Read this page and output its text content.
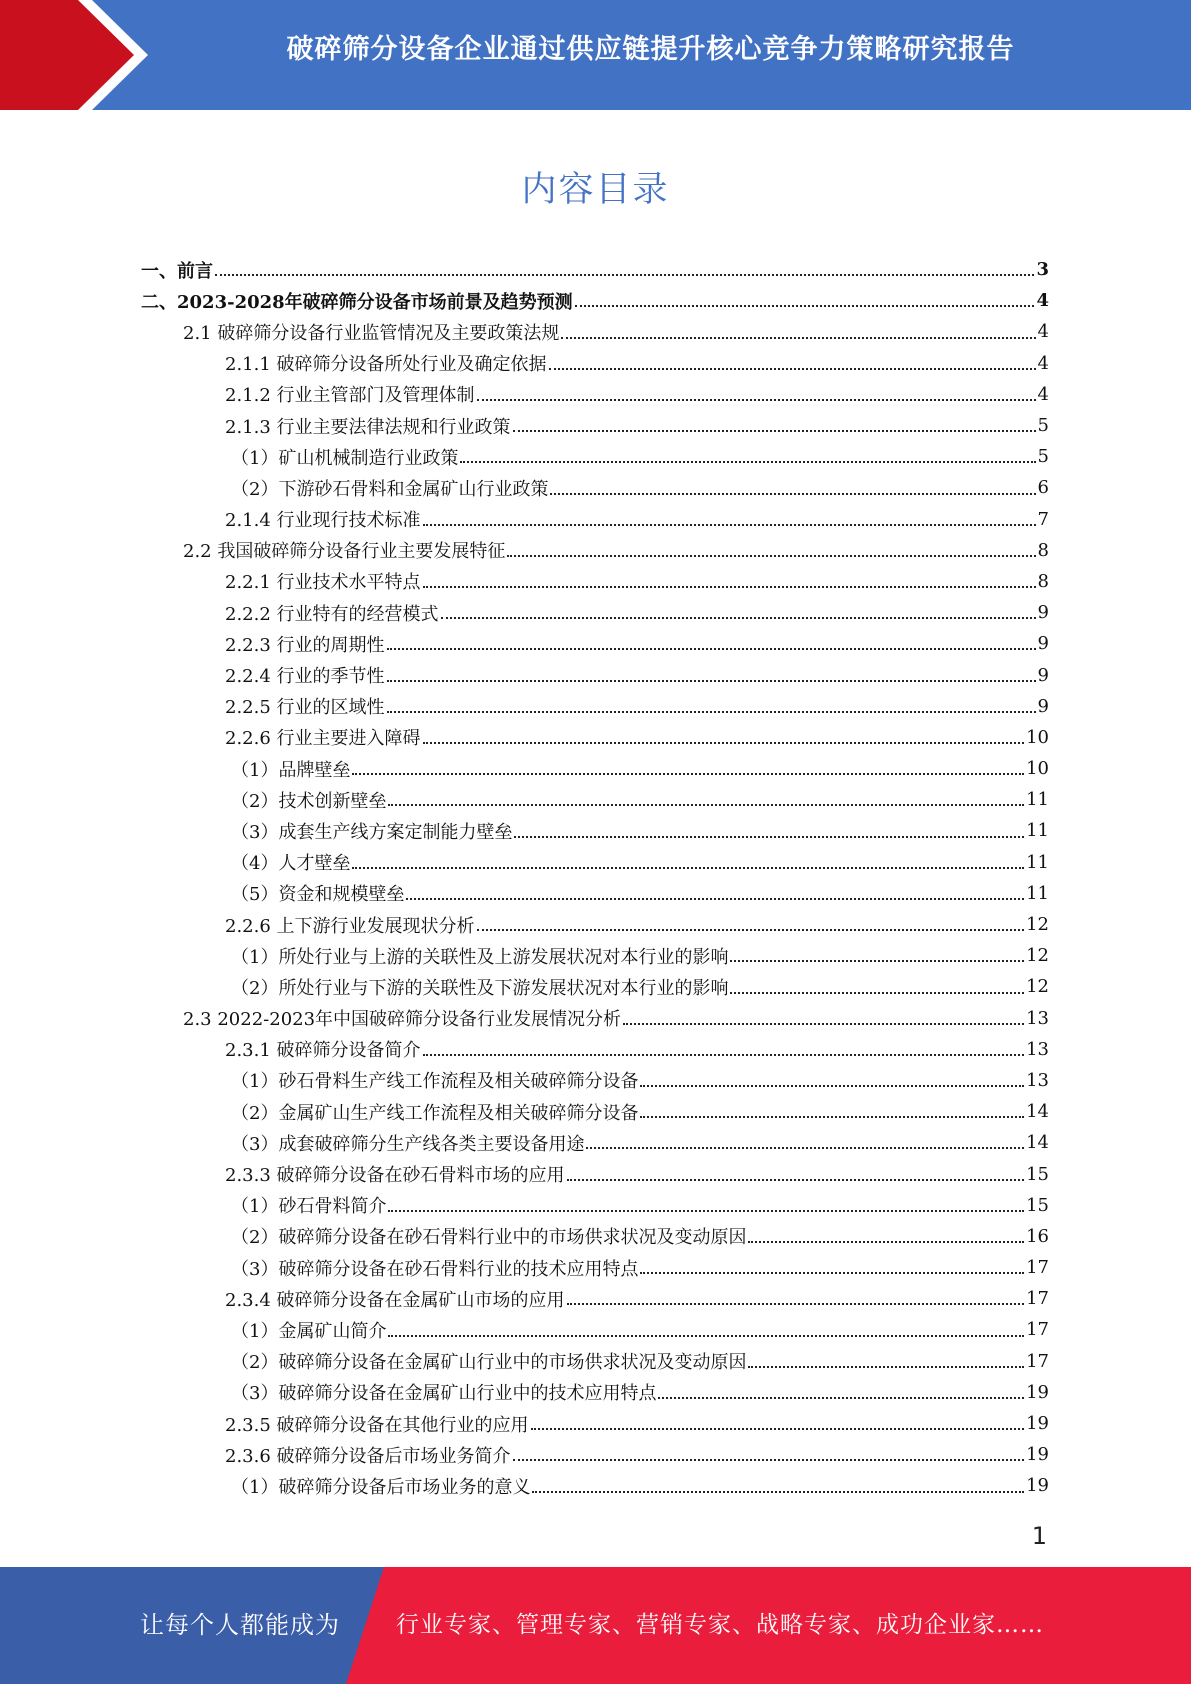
破碎筛分设备企业通过供应链提升核心竞争力策略研究报告
内容目录
一、前言	3
二、2023-2028年破碎筛分设备市场前景及趋势预测	4
2.1 破碎筛分设备行业监管情况及主要政策法规	4
2.1.1 破碎筛分设备所处行业及确定依据	4
2.1.2 行业主管部门及管理体制	4
2.1.3 行业主要法律法规和行业政策	5
（1）矿山机械制造行业政策	5
（2）下游砂石骨料和金属矿山行业政策	6
2.1.4 行业现行技术标准	7
2.2 我国破碎筛分设备行业主要发展特征	8
2.2.1 行业技术水平特点	8
2.2.2 行业特有的经营模式	9
2.2.3 行业的周期性	9
2.2.4 行业的季节性	9
2.2.5 行业的区域性	9
2.2.6 行业主要进入障碍	10
（1）品牌壁垒	10
（2）技术创新壁垒	11
（3）成套生产线方案定制能力壁垒	11
（4）人才壁垒	11
（5）资金和规模壁垒	11
2.2.6 上下游行业发展现状分析	12
（1）所处行业与上游的关联性及上游发展状况对本行业的影响	12
（2）所处行业与下游的关联性及下游发展状况对本行业的影响	12
2.3 2022-2023年中国破碎筛分设备行业发展情况分析	13
2.3.1 破碎筛分设备简介	13
（1）砂石骨料生产线工作流程及相关破碎筛分设备	13
（2）金属矿山生产线工作流程及相关破碎筛分设备	14
（3）成套破碎筛分生产线各类主要设备用途	14
2.3.3 破碎筛分设备在砂石骨料市场的应用	15
（1）砂石骨料简介	15
（2）破碎筛分设备在砂石骨料行业中的市场供求状况及变动原因	16
（3）破碎筛分设备在砂石骨料行业的技术应用特点	17
2.3.4 破碎筛分设备在金属矿山市场的应用	17
（1）金属矿山简介	17
（2）破碎筛分设备在金属矿山行业中的市场供求状况及变动原因	17
（3）破碎筛分设备在金属矿山行业中的技术应用特点	19
2.3.5 破碎筛分设备在其他行业的应用	19
2.3.6 破碎筛分设备后市场业务简介	19
（1）破碎筛分设备后市场业务的意义	19
1
让每个人都能成为 行业专家、管理专家、营销专家、战略专家、成功企业家……
